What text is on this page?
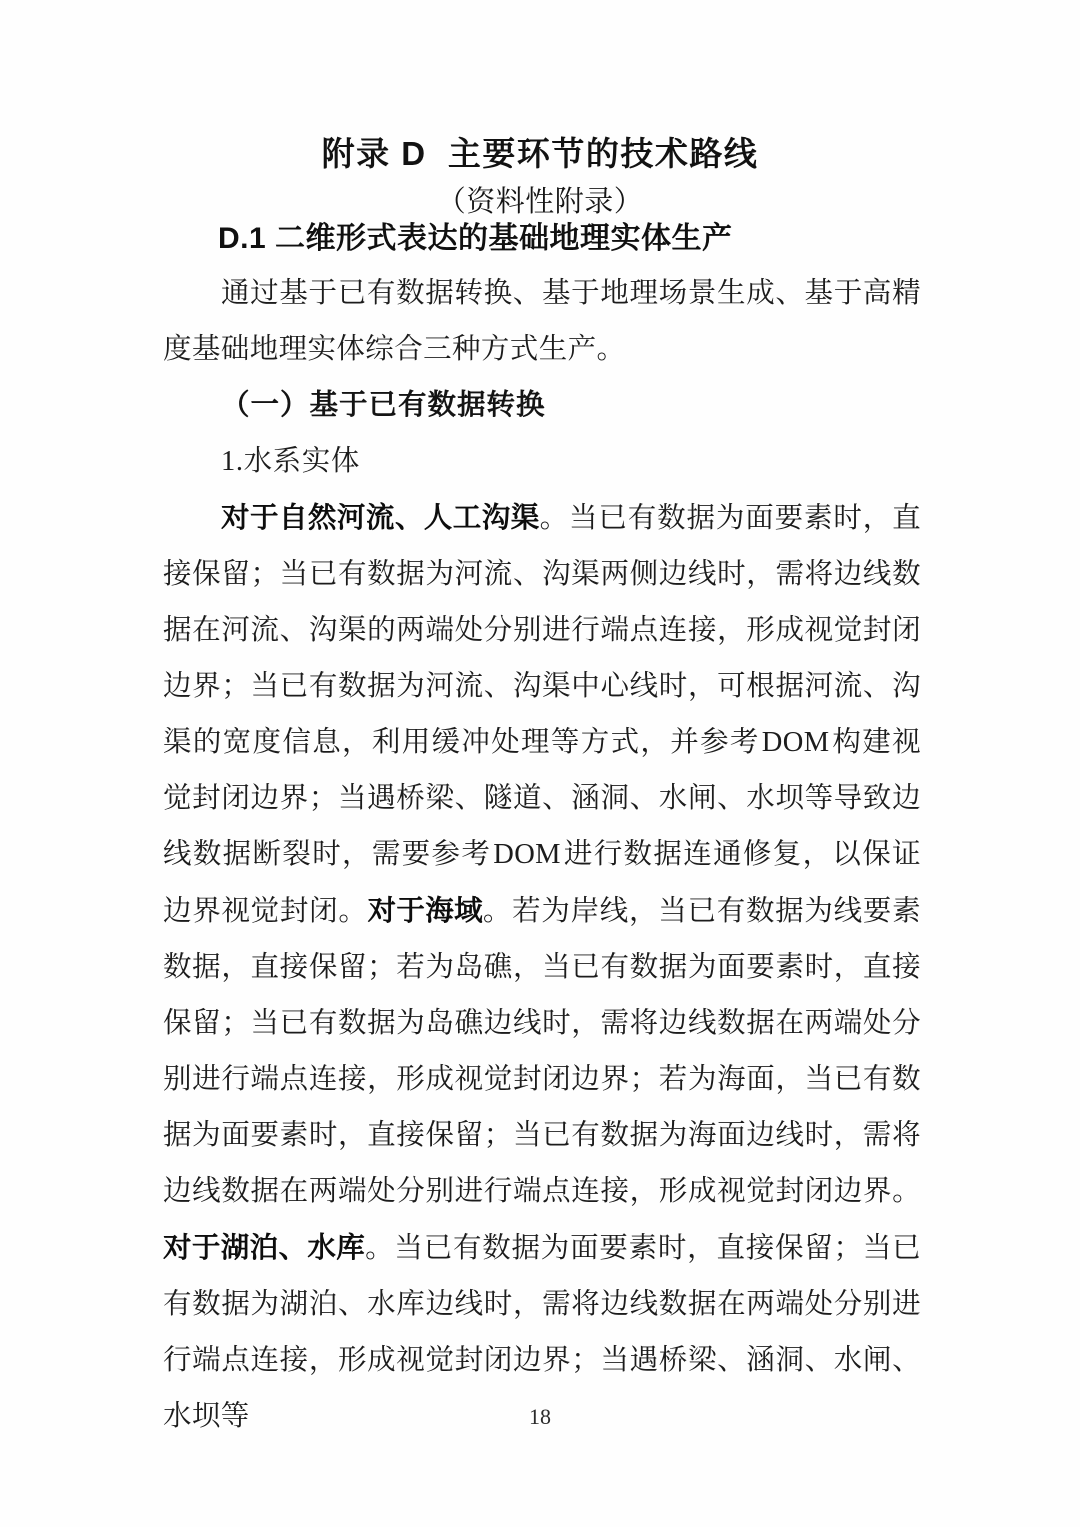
附录 D  主要环节的技术路线
（资料性附录）
D.1 二维形式表达的基础地理实体生产
通过基于已有数据转换、基于地理场景生成、基于高精度基础地理实体综合三种方式生产。
（一）基于已有数据转换
1.水系实体
对于自然河流、人工沟渠。当已有数据为面要素时，直接保留；当已有数据为河流、沟渠两侧边线时，需将边线数据在河流、沟渠的两端处分别进行端点连接，形成视觉封闭边界；当已有数据为河流、沟渠中心线时，可根据河流、沟渠的宽度信息，利用缓冲处理等方式，并参考DOM构建视觉封闭边界；当遇桥梁、隧道、涵洞、水闸、水坝等导致边线数据断裂时，需要参考DOM进行数据连通修复，以保证边界视觉封闭。对于海域。若为岸线，当已有数据为线要素数据，直接保留；若为岛礁，当已有数据为面要素时，直接保留；当已有数据为岛礁边线时，需将边线数据在两端处分别进行端点连接，形成视觉封闭边界；若为海面，当已有数据为面要素时，直接保留；当已有数据为海面边线时，需将边线数据在两端处分别进行端点连接，形成视觉封闭边界。对于湖泊、水库。当已有数据为面要素时，直接保留；当已有数据为湖泊、水库边线时，需将边线数据在两端处分别进行端点连接，形成视觉封闭边界；当遇桥梁、涵洞、水闸、水坝等	18
